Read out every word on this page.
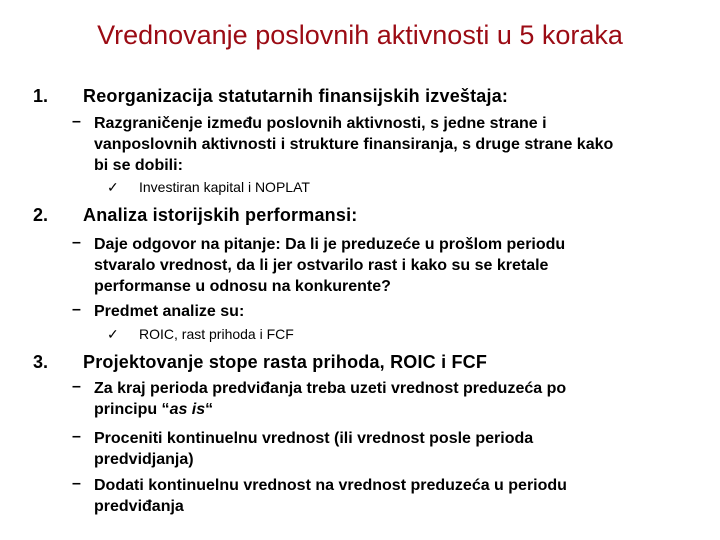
Vrednovanje poslovnih aktivnosti u 5 koraka
1. Reorganizacija statutarnih finansijskih izveštaja:
– Razgraničenje između poslovnih aktivnosti, s jedne strane i
vanposlovnih aktivnosti i strukture finansiranja, s druge strane kako
bi se dobili:
✓ Investiran kapital i NOPLAT
2. Analiza istorijskih performansi:
– Daje odgovor na pitanje: Da li je preduzeće u prošlom periodu
stvaralo vrednost, da li jer ostvarilo rast i kako su se kretale
performanse u odnosu na konkurente?
– Predmet analize su:
✓ ROIC, rast prihoda i FCF
3. Projektovanje stope rasta prihoda, ROIC i FCF
– Za kraj perioda predviđanja treba uzeti vrednost preduzeća po
principu “as is“
– Proceniti kontinuelnu vrednost (ili vrednost posle perioda
predvidjanja)
– Dodati kontinuelnu vrednost na vrednost preduzeća u periodu
predviđanja
